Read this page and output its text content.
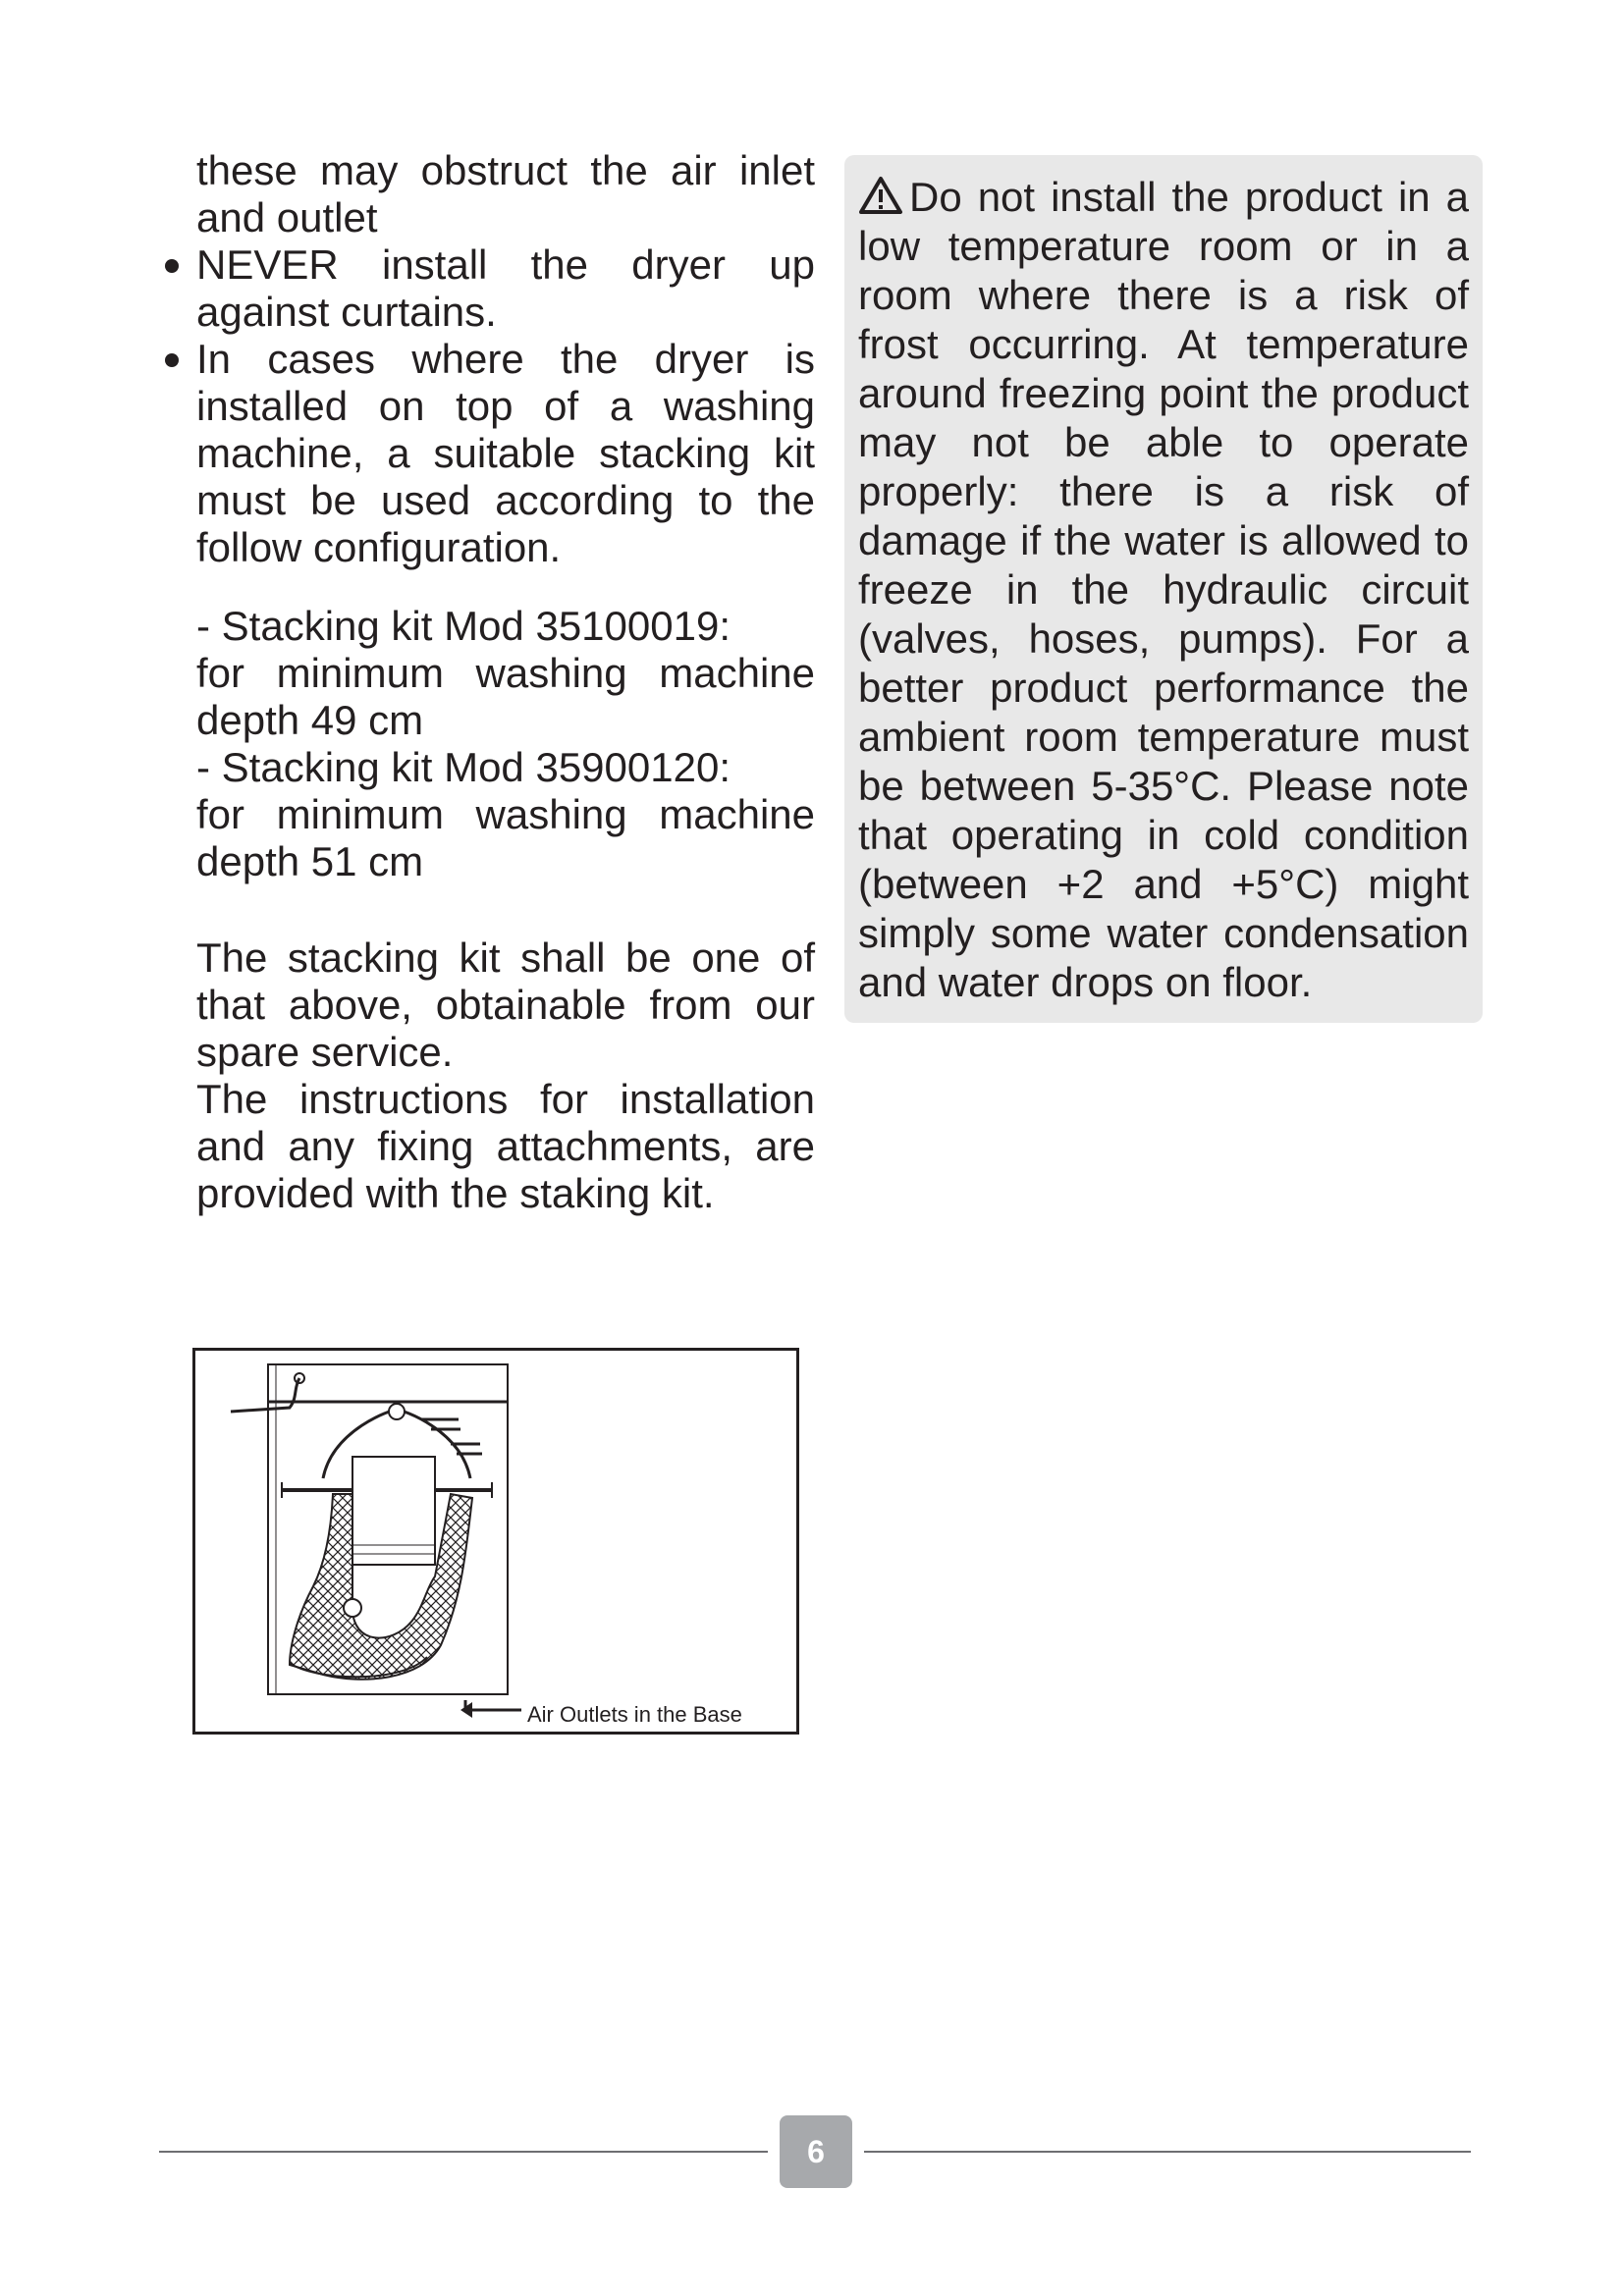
these may obstruct the air inlet and outlet

NEVER install the dryer up against curtains.

In cases where the dryer is installed on top of a washing machine, a suitable stacking kit must be used according to the follow configuration.

- Stacking kit Mod 35100019:

for minimum washing machine depth 49 cm

- Stacking kit Mod 35900120:

for minimum washing machine depth 51 cm

The stacking kit shall be one of that above, obtainable from our spare service.

The instructions for installation and any fixing attachments, are provided with the staking kit.

Do not install the product in a low temperature room or in a room where there is a risk of frost occurring. At temperature around freezing point the product may not be able to operate properly: there is a risk of damage if the water is allowed to freeze in the hydraulic circuit (valves, hoses, pumps). For a better product performance the ambient room temperature must be between 5-35°C. Please note that operating in cold condition (between +2 and +5°C) might simply some water condensation and water drops on floor.

Air Outlets in the Base
6
